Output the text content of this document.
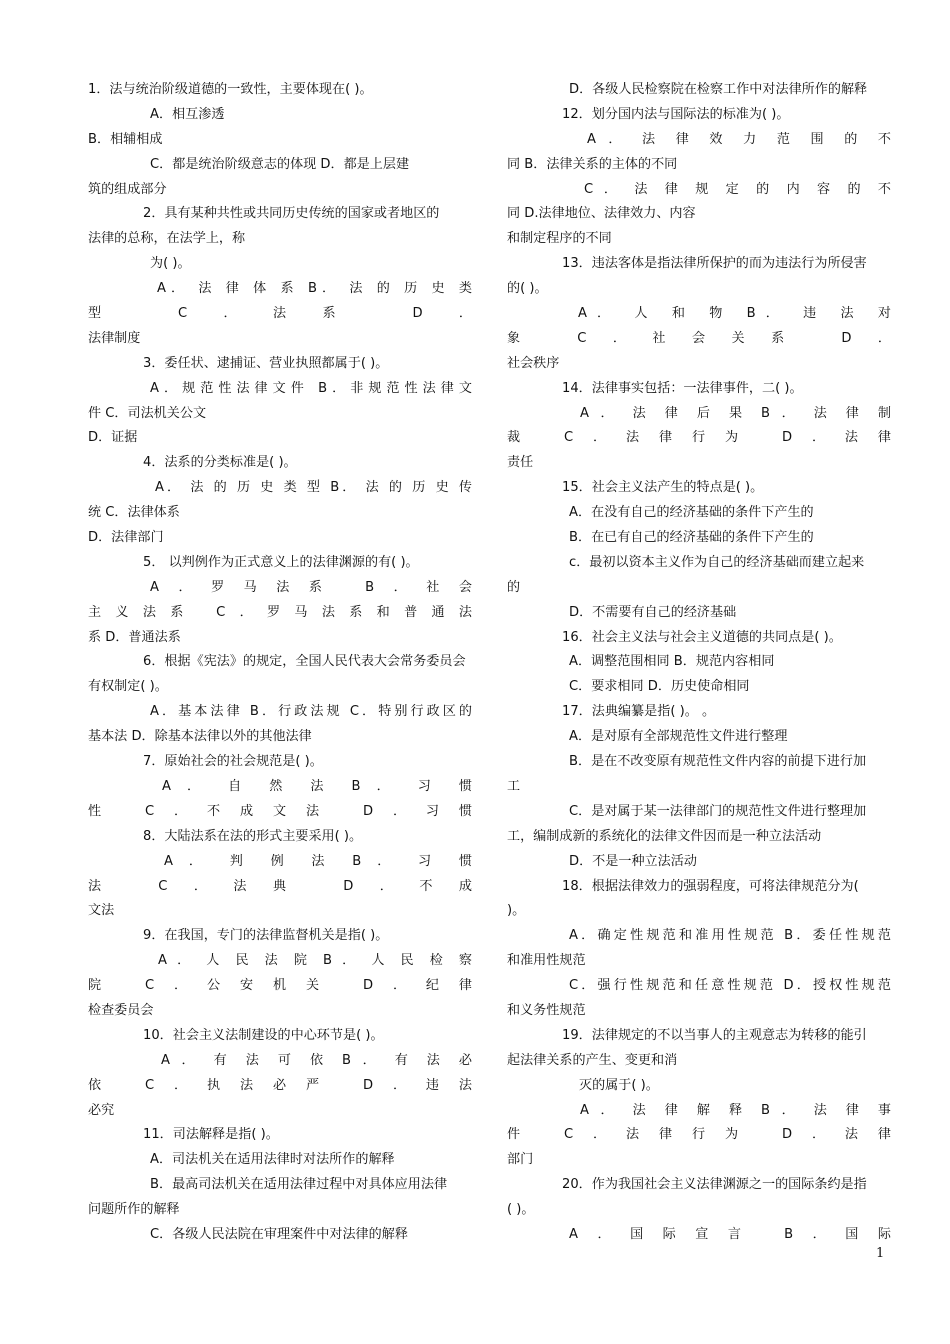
1．法与统治阶级道德的一致性，主要体现在( )。
A．相互渗透
B．相辅相成
C．都是统治阶级意志的体现 D．都是上层建
筑的组成部分
2．具有某种共性或共同历史传统的国家或者地区的
法律的总称，在法学上，称
为( )。
A． 法 律 体 系 B． 法 的 历 史 类
型 C．法系 D．
法律制度
3．委任状、逮捕证、营业执照都属于( )。
A．规范性法律文件 B．非规范性法律文
件 C．司法机关公文
D．证据
4．法系的分类标准是( )。
A． 法 的 历 史 类 型 B． 法 的 历 史 传
统 C．法律体系
D．法律部门
5． 以判例作为正式意义上的法律渊源的有( )。
A．罗马法系 B．社会
主义法系 C．罗马法系和普通法
系 D．普通法系
6．根据《宪法》的规定，全国人民代表大会常务委员会
有权制定( )。
A．基本法律 B．行政法规 C．特别行政区的
基本法 D．除基本法律以外的其他法律
7．原始社会的社会规范是( )。
A ． 自 然 法 B ． 习 惯
性 C．不成文法 D．习惯
8．大陆法系在法的形式主要采用( )。
A ． 判 例 法 B ． 习 惯
法 C．法典 D．不成
文法
9．在我国，专门的法律监督机关是指( )。
A ． 人 民 法 院 B ． 人 民 检 察
院 C．公安机关 D．纪律
检查委员会
10．社会主义法制建设的中心环节是( )。
A ． 有 法 可 依 B ． 有 法 必
依 C．执法必严 D．违法
必究
11．司法解释是指( )。
A．司法机关在适用法律时对法所作的解释
B．最高司法机关在适用法律过程中对具体应用法律
问题所作的解释
C．各级人民法院在审理案件中对法律的解释
D．各级人民检察院在检察工作中对法律所作的解释
12．划分国内法与国际法的标准为( )。
A ． 法 律 效 力 范 围 的 不
同 B．法律关系的主体的不同
C ． 法 律 规 定 的 内 容 的 不
同 D.法律地位、法律效力、内容
和制定程序的不同
13．违法客体是指法律所保护的而为违法行为所侵害
的( )。
A． 人 和 物 B． 违 法 对
象 C．社会关系 D．
社会秩序
14．法律事实包括：一法律事件，二( )。
A ． 法 律 后 果 B ． 法 律 制
裁 C．法律行为 D．法律
责任
15．社会主义法产生的特点是( )。
A．在没有自己的经济基础的条件下产生的
B．在已有自己的经济基础的条件下产生的
c．最初以资本主义作为自己的经济基础而建立起来
的
D．不需要有自己的经济基础
16．社会主义法与社会主义道德的共同点是( )。
A．调整范围相同 B．规范内容相同
C．要求相同 D．历史使命相同
17．法典编纂是指( )。 。
A．是对原有全部规范性文件进行整理
B．是在不改变原有规范性文件内容的前提下进行加
工
C．是对属于某一法律部门的规范性文件进行整理加
工，编制成新的系统化的法律文件因而是一种立法活动
D．不是一种立法活动
18．根据法律效力的强弱程度，可将法律规范分为(
)。
A．确定性规范和准用性规范 B．委任性规范
和准用性规范
C．强行性规范和任意性规范 D．授权性规范
和义务性规范
19．法律规定的不以当事人的主观意志为转移的能引
起法律关系的产生、变更和消
灭的属于( )。
A ． 法 律 解 释 B ． 法 律 事
件 C．法律行为 D．法律
部门
20．作为我国社会主义法律渊源之一的国际条约是指
( )。
A．国际宣言 B．国际
1
